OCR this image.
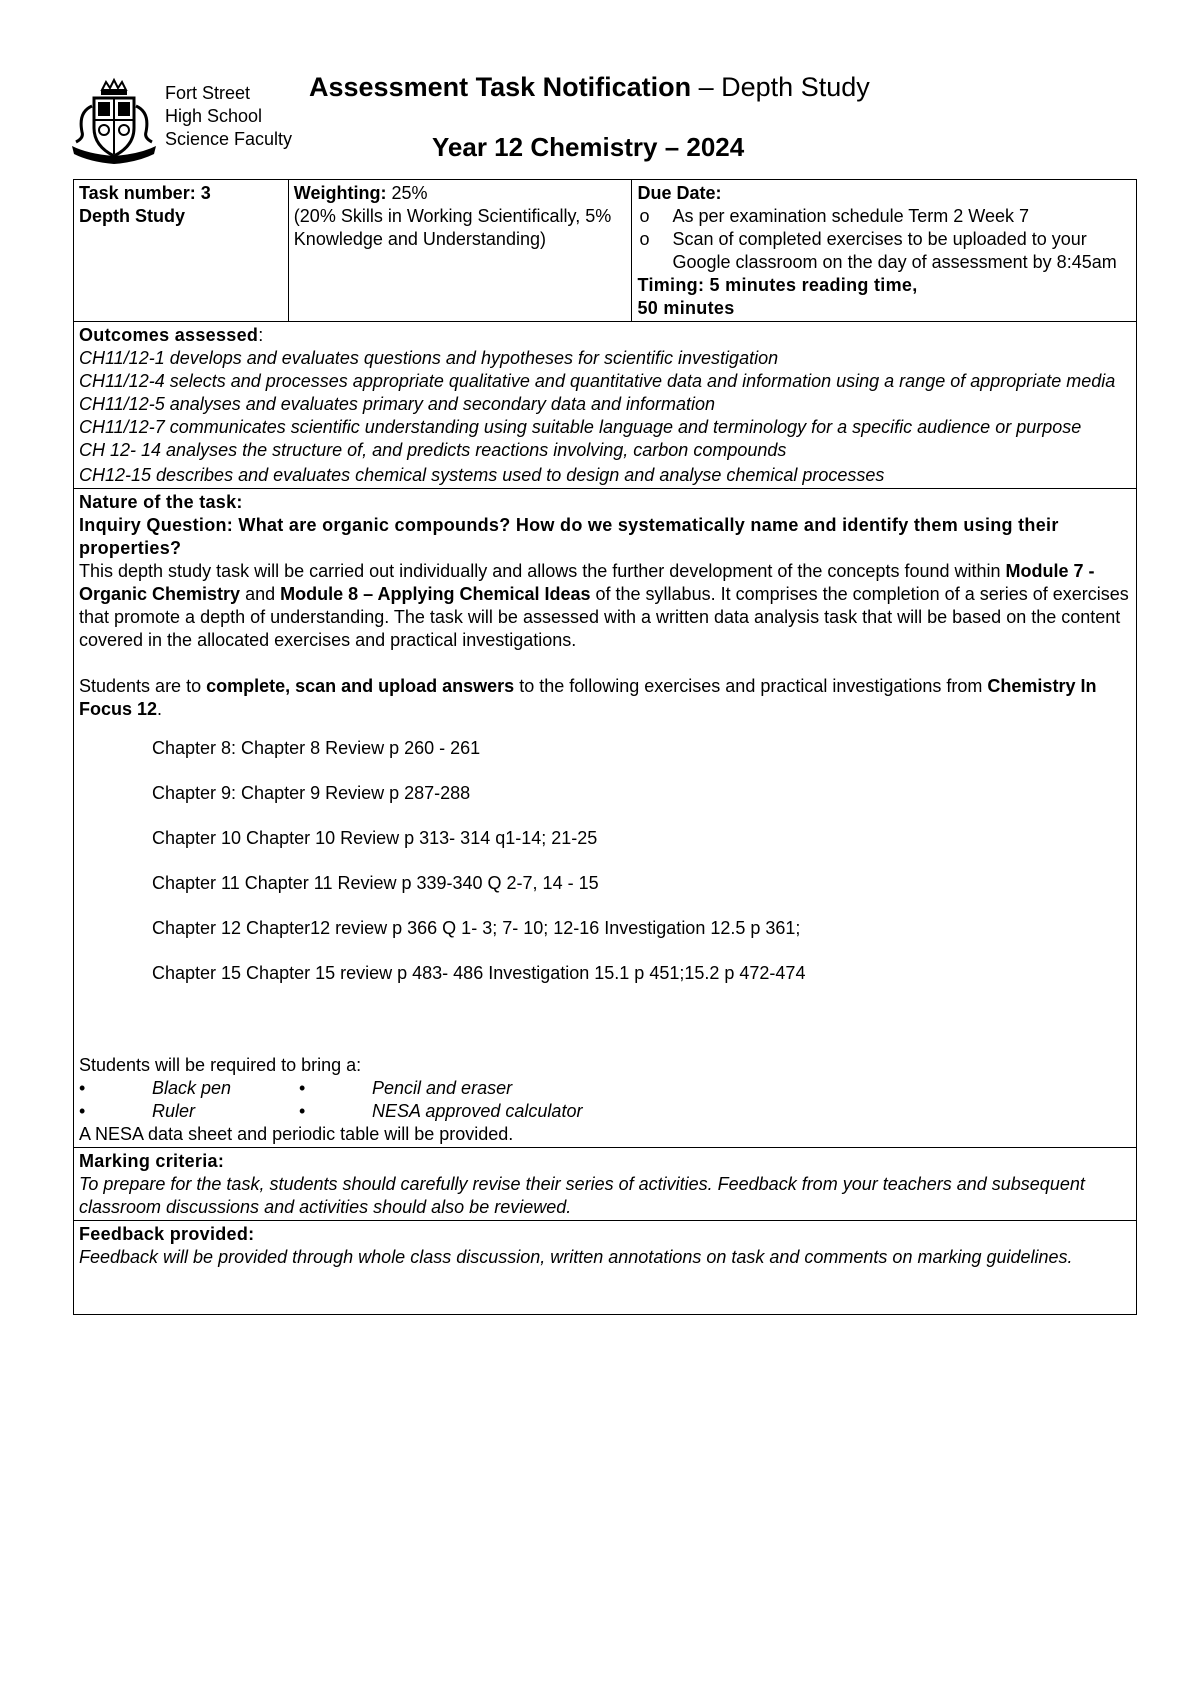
Fort Street
High School
Science Faculty
Assessment Task Notification – Depth Study
Year 12 Chemistry – 2024
Task number: 3
Depth Study

Weighting: 25%
(20% Skills in Working Scientifically, 5% Knowledge and Understanding)

Due Date:
o As per examination schedule Term 2 Week 7
o Scan of completed exercises to be uploaded to your Google classroom on the day of assessment by 8:45am
Timing: 5 minutes reading time,
50 minutes

Outcomes assessed:
CH11/12-1 develops and evaluates questions and hypotheses for scientific investigation
CH11/12-4 selects and processes appropriate qualitative and quantitative data and information using a range of appropriate media
CH11/12-5 analyses and evaluates primary and secondary data and information
CH11/12-7 communicates scientific understanding using suitable language and terminology for a specific audience or purpose
CH 12- 14 analyses the structure of, and predicts reactions involving, carbon compounds
CH12-15 describes and evaluates chemical systems used to design and analyse chemical processes

Nature of the task:
Inquiry Question: What are organic compounds? How do we systematically name and identify them using their properties?
This depth study task will be carried out individually and allows the further development of the concepts found within Module 7 - Organic Chemistry and Module 8 – Applying Chemical Ideas of the syllabus. It comprises the completion of a series of exercises that promote a depth of understanding. The task will be assessed with a written data analysis task that will be based on the content covered in the allocated exercises and practical investigations.
Students are to complete, scan and upload answers to the following exercises and practical investigations from Chemistry In Focus 12.
Chapter 8: Chapter 8 Review p 260 - 261
Chapter 9: Chapter 9 Review p 287-288
Chapter 10 Chapter 10 Review p 313- 314 q1-14; 21-25
Chapter 11 Chapter 11 Review p 339-340 Q 2-7, 14 - 15
Chapter 12 Chapter12 review p 366 Q 1- 3; 7- 10; 12-16 Investigation 12.5 p 361;
Chapter 15 Chapter 15 review p 483- 486 Investigation 15.1 p 451;15.2 p 472-474
Students will be required to bring a:
•	Black pen	•	Pencil and eraser
•	Ruler	•	NESA approved calculator
A NESA data sheet and periodic table will be provided.

Marking criteria:
To prepare for the task, students should carefully revise their series of activities. Feedback from your teachers and subsequent classroom discussions and activities should also be reviewed.

Feedback provided:
Feedback will be provided through whole class discussion, written annotations on task and comments on marking guidelines.
